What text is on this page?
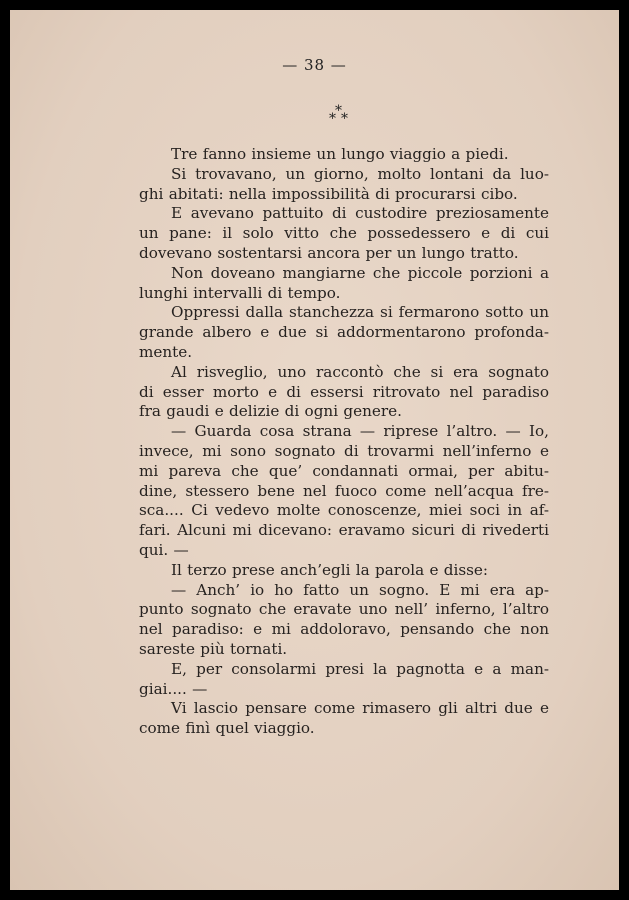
— 38 —
*
* *
Tre fanno insieme un lungo viaggio a piedi.
Si trovavano, un giorno, molto lontani da luo-
ghi abitati: nella impossibilità di procurarsi cibo.
E avevano pattuito di custodire preziosamente
un pane: il solo vitto che possedessero e di cui
dovevano sostentarsi ancora per un lungo tratto.
Non doveano mangiarne che piccole porzioni a
lunghi intervalli di tempo.
Oppressi dalla stanchezza si fermarono sotto un
grande albero e due si addormentarono profonda-
mente.
Al risveglio, uno raccontò che si era sognato
di esser morto e di essersi ritrovato nel paradiso
fra gaudi e delizie di ogni genere.
— Guarda cosa strana — riprese l’altro. — Io,
invece, mi sono sognato di trovarmi nell’inferno e
mi pareva che que’ condannati ormai, per abitu-
dine, stessero bene nel fuoco come nell’acqua fre-
sca.... Ci vedevo molte conoscenze, miei soci in af-
fari. Alcuni mi dicevano: eravamo sicuri di rivederti
qui. —
Il terzo prese anch’egli la parola e disse:
— Anch’ io ho fatto un sogno. E mi era ap-
punto sognato che eravate uno nell’ inferno, l’altro
nel paradiso: e mi addoloravo, pensando che non
sareste più tornati.
E, per consolarmi presi la pagnotta e a man-
giai.... —
Vi lascio pensare come rimasero gli altri due e
come finì quel viaggio.
